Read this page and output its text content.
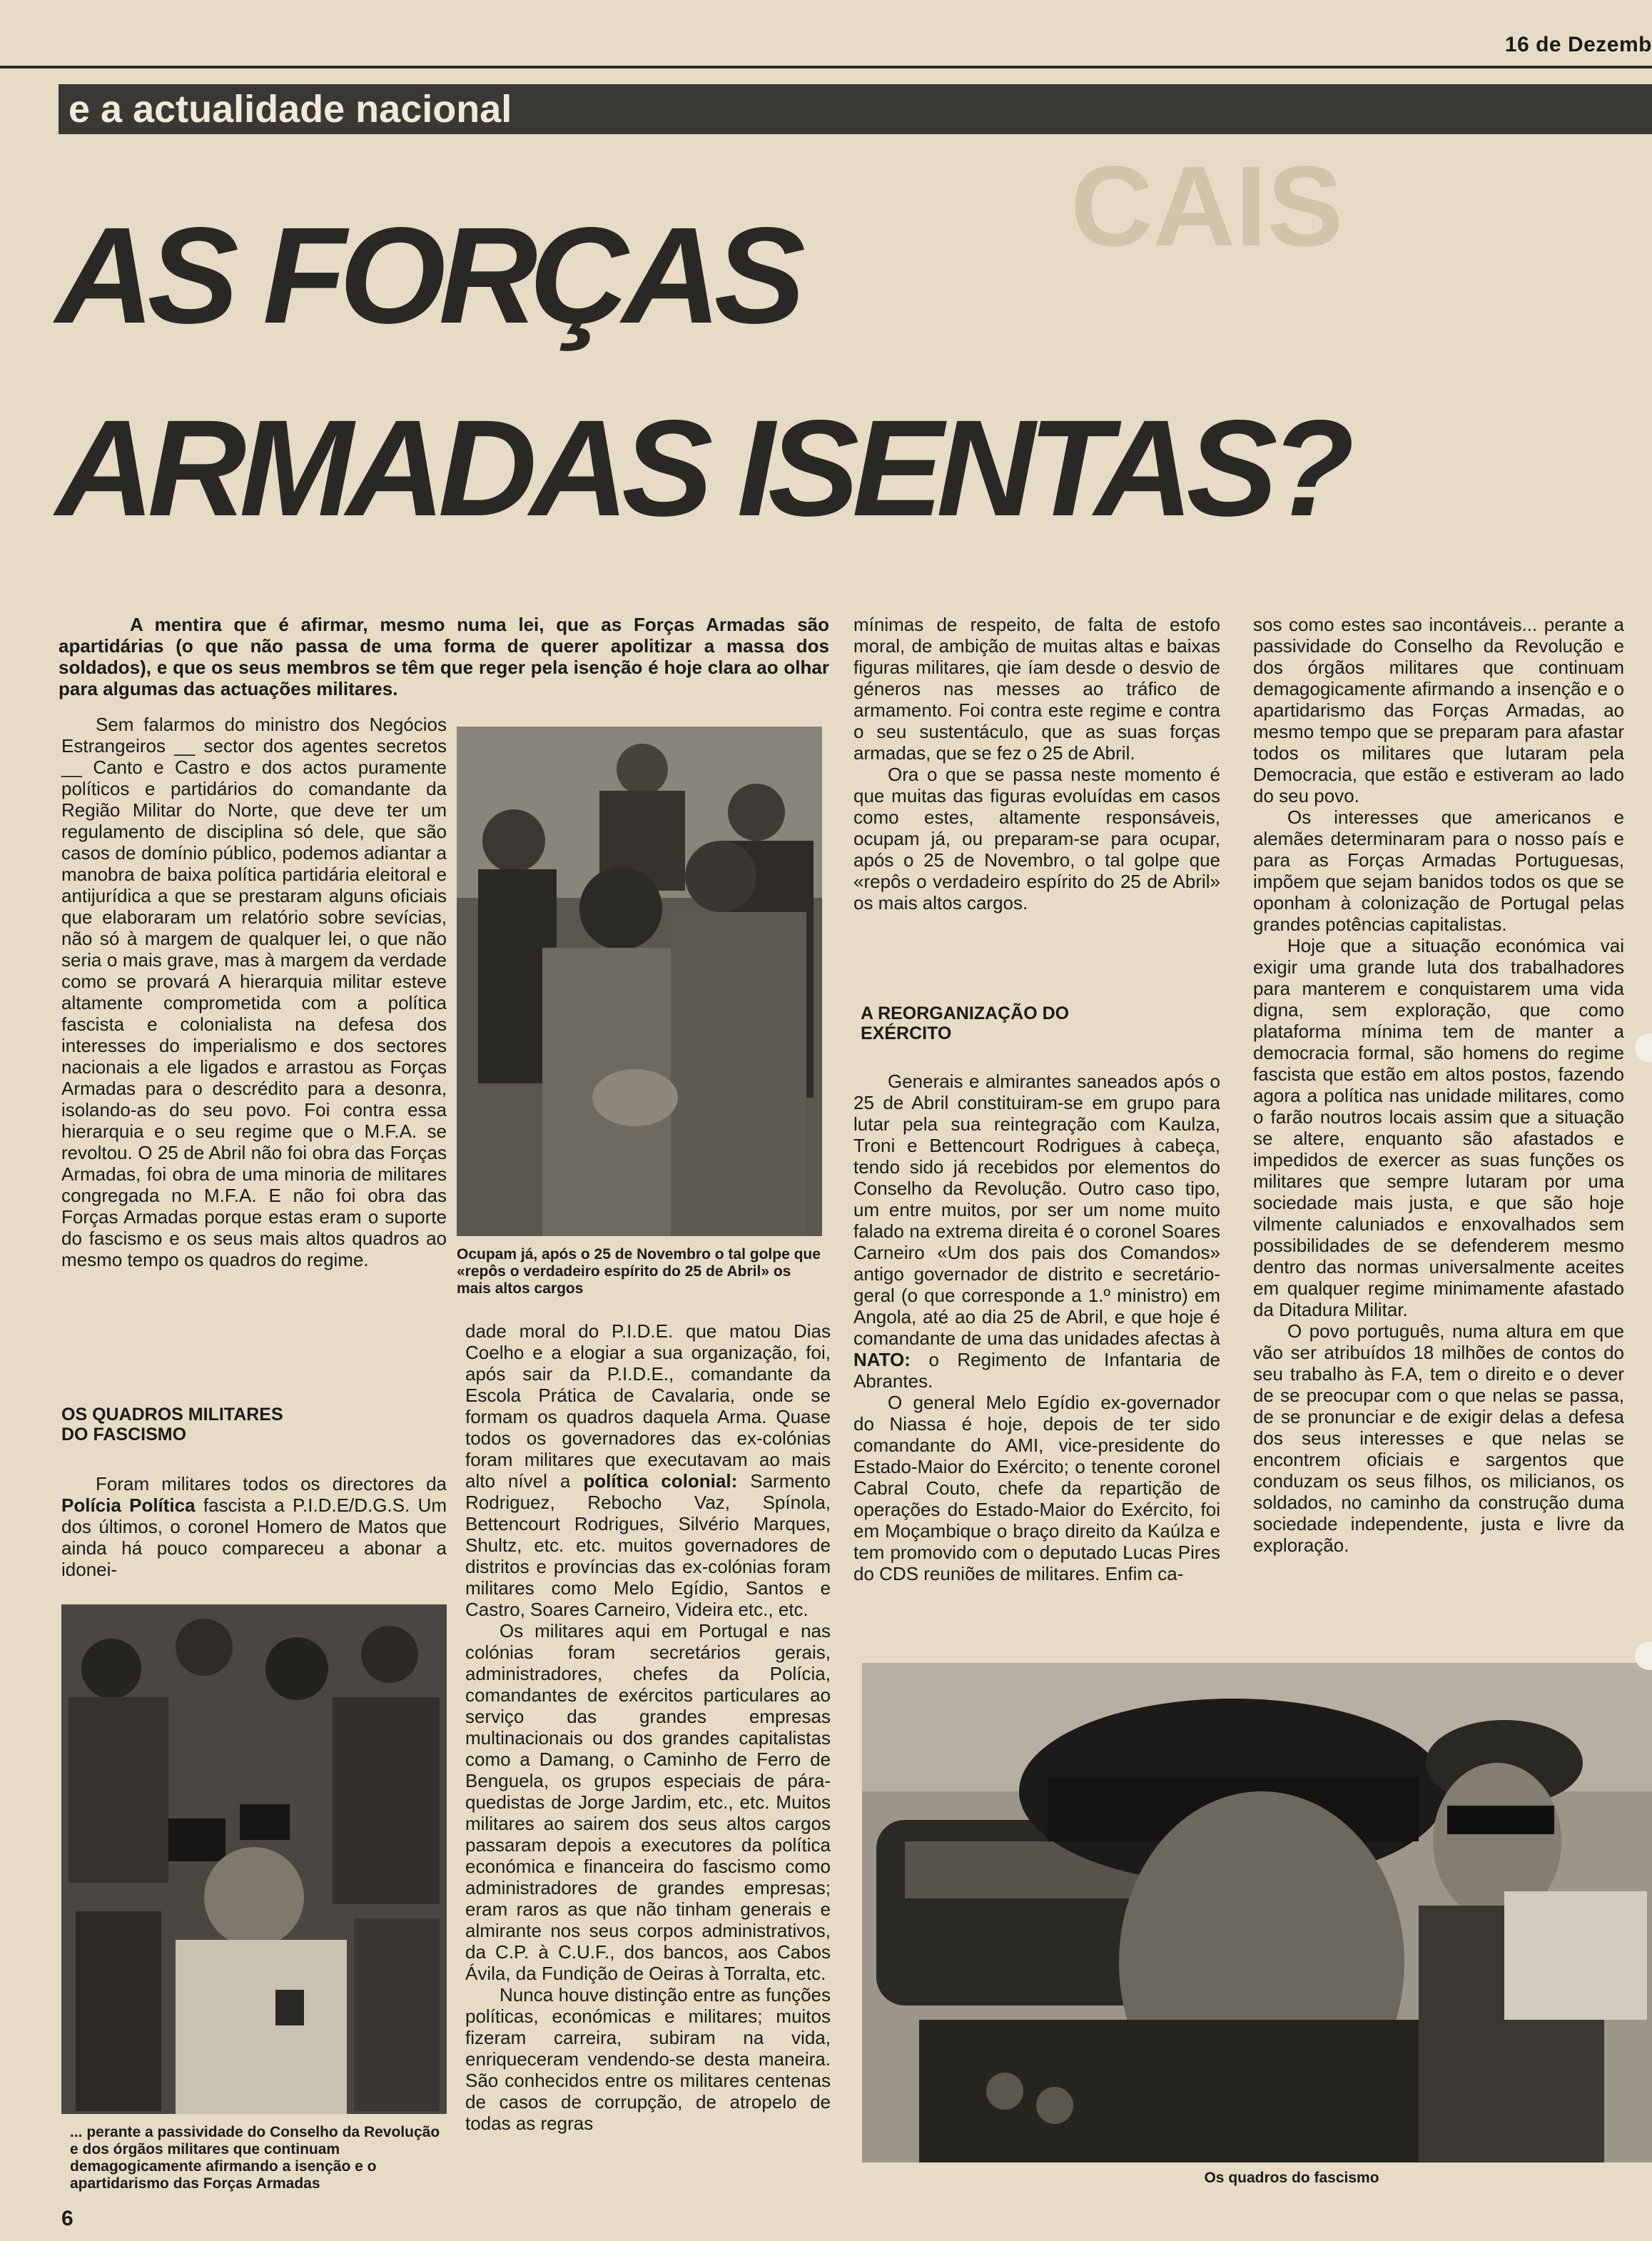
16 de Dezemb
e a actualidade nacional
CAIS
AS FORÇAS
ARMADAS ISENTAS?
A mentira que é afirmar, mesmo numa lei, que as Forças Armadas são apartidárias (o que não passa de uma forma de querer apolitizar a massa dos soldados), e que os seus membros se têm que reger pela isenção é hoje clara ao olhar para algumas das actuações militares.

Sem falarmos do ministro dos Negócios Estrangeiros __ sector dos agentes secretos __ Canto e Castro e dos actos puramente políticos e partidários do comandante da Região Militar do Norte, que deve ter um regulamento de disciplina só dele, que são casos de domínio público, podemos adiantar a manobra de baixa política partidária eleitoral e antijurídica a que se prestaram alguns oficiais que elaboraram um relatório sobre sevícias, não só à margem de qualquer lei, o que não seria o mais grave, mas à margem da verdade como se provará A hierarquia militar esteve altamente comprometida com a política fascista e colonialista na defesa dos interesses do imperialismo e dos sectores nacionais a ele ligados e arrastou as Forças Armadas para o descrédito para a desonra, isolando-as do seu povo. Foi contra essa hierarquia e o seu regime que o M.F.A. se revoltou. O 25 de Abril não foi obra das Forças Armadas, foi obra de uma minoria de militares congregada no M.F.A. E não foi obra das Forças Armadas porque estas eram o suporte do fascismo e os seus mais altos quadros ao mesmo tempo os quadros do regime.

OS QUADROS MILITARES DO FASCISMO

Foram militares todos os directores da Polícia Política fascista a P.I.D.E/D.G.S. Um dos últimos, o coronel Homero de Matos que ainda há pouco compareceu a abonar a idonei-

Ocupam já, após o 25 de Novembro o tal golpe que «repôs o verdadeiro espírito do 25 de Abril» os mais altos cargos

dade moral do P.I.D.E. que matou Dias Coelho e a elogiar a sua organização, foi, após sair da P.I.D.E., comandante da Escola Prática de Cavalaria, onde se formam os quadros daquela Arma. Quase todos os governadores das ex-colónias foram militares que executavam ao mais alto nível a política colonial: Sarmento Rodriguez, Rebocho Vaz, Spínola, Bettencourt Rodrigues, Silvério Marques, Shultz, etc. etc. muitos governadores de distritos e províncias das ex-colónias foram militares como Melo Egídio, Santos e Castro, Soares Carneiro, Videira etc., etc.

Os militares aqui em Portugal e nas colónias foram secretários gerais, administradores, chefes da Polícia, comandantes de exércitos particulares ao serviço das grandes empresas multinacionais ou dos grandes capitalistas como a Damang, o Caminho de Ferro de Benguela, os grupos especiais de pára-quedistas de Jorge Jardim, etc., etc. Muitos militares ao sairem dos seus altos cargos passaram depois a executores da política económica e financeira do fascismo como administradores de grandes empresas; eram raros as que não tinham generais e almirante nos seus corpos administrativos, da C.P. à C.U.F., dos bancos, aos Cabos Ávila, da Fundição de Oeiras à Torralta, etc.

Nunca houve distinção entre as funções políticas, económicas e militares; muitos fizeram carreira, subiram na vida, enriqueceram vendendo-se desta maneira. São conhecidos entre os militares centenas de casos de corrupção, de atropelo de todas as regras

... perante a passividade do Conselho da Revolução e dos órgãos militares que continuam demagogicamente afirmando a isenção e o apartidarismo das Forças Armadas

mínimas de respeito, de falta de estofo moral, de ambição de muitas altas e baixas figuras militares, qie íam desde o desvio de géneros nas messes ao tráfico de armamento. Foi contra este regime e contra o seu sustentáculo, que as suas forças armadas, que se fez o 25 de Abril.

Ora o que se passa neste momento é que muitas das figuras evoluídas em casos como estes, altamente responsáveis, ocupam já, ou preparam-se para ocupar, após o 25 de Novembro, o tal golpe que «repôs o verdadeiro espírito do 25 de Abril» os mais altos cargos.

A REORGANIZAÇÃO DO EXÉRCITO

Generais e almirantes saneados após o 25 de Abril constituiram-se em grupo para lutar pela sua reintegração com Kaulza, Troni e Bettencourt Rodrigues à cabeça, tendo sido já recebidos por elementos do Conselho da Revolução. Outro caso tipo, um entre muitos, por ser um nome muito falado na extrema direita é o coronel Soares Carneiro «Um dos pais dos Comandos» antigo governador de distrito e secretário-geral (o que corresponde a 1.º ministro) em Angola, até ao dia 25 de Abril, e que hoje é comandante de uma das unidades afectas à NATO: o Regimento de Infantaria de Abrantes.

O general Melo Egídio ex-governador do Niassa é hoje, depois de ter sido comandante do AMI, vice-presidente do Estado-Maior do Exército; o tenente coronel Cabral Couto, chefe da repartição de operações do Estado-Maior do Exército, foi em Moçambique o braço direito da Kaúlza e tem promovido com o deputado Lucas Pires do CDS reuniões de militares. Enfim ca-

sos como estes sao incontáveis... perante a passividade do Conselho da Revolução e dos órgãos militares que continuam demagogicamente afirmando a insenção e o apartidarismo das Forças Armadas, ao mesmo tempo que se preparam para afastar todos os militares que lutaram pela Democracia, que estão e estiveram ao lado do seu povo.

Os interesses que americanos e alemães determinaram para o nosso país e para as Forças Armadas Portuguesas, impõem que sejam banidos todos os que se oponham à colonização de Portugal pelas grandes potências capitalistas.

Hoje que a situação económica vai exigir uma grande luta dos trabalhadores para manterem e conquistarem uma vida digna, sem exploração, que como plataforma mínima tem de manter a democracia formal, são homens do regime fascista que estão em altos postos, fazendo agora a política nas unidade militares, como o farão noutros locais assim que a situação se altere, enquanto são afastados e impedidos de exercer as suas funções os militares que sempre lutaram por uma sociedade mais justa, e que são hoje vilmente caluniados e enxovalhados sem possibilidades de se defenderem mesmo dentro das normas universalmente aceites em qualquer regime minimamente afastado da Ditadura Militar.

O povo português, numa altura em que vão ser atribuídos 18 milhões de contos do seu trabalho às F.A, tem o direito e o dever de se preocupar com o que nelas se passa, de se pronunciar e de exigir delas a defesa dos seus interesses e que nelas se encontrem oficiais e sargentos que conduzam os seus filhos, os milicianos, os soldados, no caminho da construção duma sociedade independente, justa e livre da exploração.

Os quadros do fascismo
6
